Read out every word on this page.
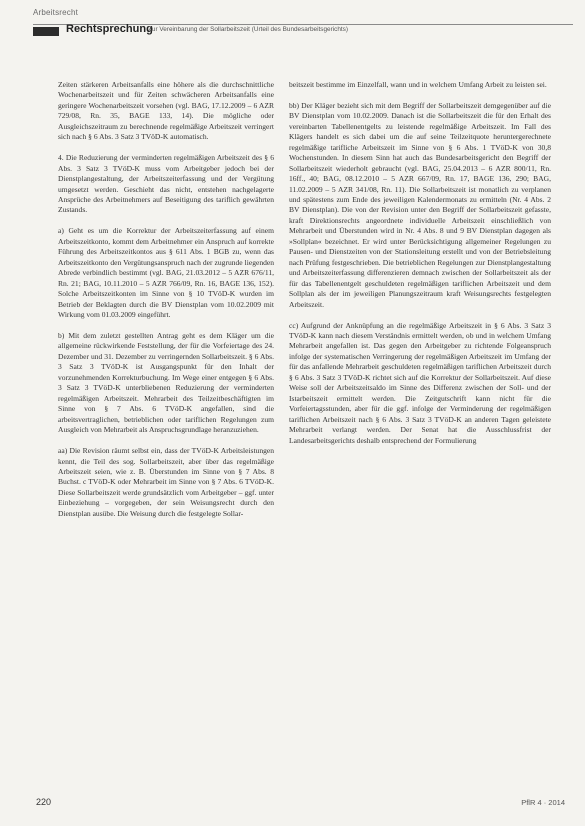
Arbeitsrecht
Rechtsprechung
Zur Vereinbarung der Sollarbeitszeit (Urteil des Bundesarbeitsgerichts)

Zeiten stärkeren Arbeitsanfalls eine höhere als die durchschnittliche Wochenarbeitszeit und für Zeiten schwächeren Arbeitsanfalls eine geringere Wochenarbeitszeit vorsehen (vgl. BAG, 17.12.2009 – 6 AZR 729/08, Rn. 35, BAGE 133, 14). Die mögliche oder Ausgleichszeitraum zu berechnende regelmäßige Arbeitszeit verringert sich nach § 6 Abs. 3 Satz 3 TVöD-K automatisch.

4. Die Reduzierung der verminderten regelmäßigen Arbeitszeit des § 6 Abs. 3 Satz 3 TVöD-K muss vom Arbeitgeber jedoch bei der Dienstplangestaltung, der Arbeitszeiterfassung und der Vergütung umgesetzt werden. Geschieht das nicht, entstehen nachgelagerte Ansprüche des Arbeitnehmers auf Beseitigung des tariflich gewährten Zustands.

a) Geht es um die Korrektur der Arbeitszeiterfassung auf einem Arbeitszeitkonto, kommt dem Arbeitnehmer ein Anspruch auf korrekte Führung des Arbeitszeitkontos aus § 611 Abs. 1 BGB zu, wenn das Arbeitszeitkonto den Vergütungsanspruch nach der zugrunde liegenden Abrede verbindlich bestimmt (vgl. BAG, 21.03.2012 – 5 AZR 676/11, Rn. 21; BAG, 10.11.2010 – 5 AZR 766/09, Rn. 16, BAGE 136, 152). Solche Arbeitszeitkonten im Sinne von § 10 TVöD-K wurden im Betrieb der Beklagten durch die BV Dienstplan vom 10.02.2009 mit Wirkung vom 01.03.2009 eingeführt.

b) Mit dem zuletzt gestellten Antrag geht es dem Kläger um die allgemeine rückwirkende Feststellung, der für die Vorfeiertage des 24. Dezember und 31. Dezember zu verringernden Sollarbeitszeit. § 6 Abs. 3 Satz 3 TVöD-K ist Ausgangspunkt für den Inhalt der vorzunehmenden Korrekturbuchung. Im Wege einer entgegen § 6 Abs. 3 Satz 3 TVöD-K unterbliebenen Reduzierung der verminderten regelmäßigen Arbeitszeit. Mehrarbeit des Teilzeitbeschäftigten im Sinne von § 7 Abs. 6 TVöD-K angefallen, sind die arbeitsvertraglichen, betrieblichen oder tariflichen Regelungen zum Ausgleich von Mehrarbeit als Anspruchsgrundlage heranzuziehen.

aa) Die Revision räumt selbst ein, dass der TVöD-K Arbeitsleistungen kennt, die Teil des sog. Sollarbeitszeit, aber über das regelmäßige Arbeitszeit seien, wie z. B. Überstunden im Sinne von § 7 Abs. 8 Buchst. c TVöD-K oder Mehrarbeit im Sinne von § 7 Abs. 6 TVöD-K. Diese Sollarbeitszeit werde grundsätzlich vom Arbeitgeber – ggf. unter Einbeziehung – vorgegeben, der sein Weisungsrecht durch den Dienstplan ausübe. Die Weisung durch die festgelegte Sollar-

beitszeit bestimme im Einzelfall, wann und in welchem Umfang Arbeit zu leisten sei.

bb) Der Kläger bezieht sich mit dem Begriff der Sollarbeitszeit demgegenüber auf die BV Dienstplan vom 10.02.2009. Danach ist die Sollarbeitszeit die für den Erhalt des vereinbarten Tabellenentgelts zu leistende regelmäßige Arbeitszeit. Im Fall des Klägers handelt es sich dabei um die auf seine Teilzeitquote heruntergerechnete regelmäßige tarifliche Arbeitszeit im Sinne von § 6 Abs. 1 TVöD-K von 30,8 Wochenstunden. In diesem Sinn hat auch das Bundesarbeitsgericht den Begriff der Sollarbeitszeit wiederholt gebraucht (vgl. BAG, 25.04.2013 – 6 AZR 800/11, Rn. 16ff., 40; BAG, 08.12.2010 – 5 AZR 667/09, Rn. 17, BAGE 136, 290; BAG, 11.02.2009 – 5 AZR 341/08, Rn. 11). Die Sollarbeitszeit ist monatlich zu verplanen und spätestens zum Ende des jeweiligen Kalendermonats zu ermitteln (Nr. 4 Abs. 2 BV Dienstplan). Die von der Revision unter den Begriff der Sollarbeitszeit gefasste, kraft Direktionsrechts angeordnete individuelle Arbeitszeit einschließlich von Mehrarbeit und Überstunden wird in Nr. 4 Abs. 8 und 9 BV Dienstplan dagegen als »Sollplan« bezeichnet. Er wird unter Berücksichtigung allgemeiner Regelungen zu Pausen- und Dienstzeiten von der Stationsleitung erstellt und von der Betriebsleitung nach Prüfung festgeschrieben. Die betrieblichen Regelungen zur Dienstplangestaltung und Arbeitszeiterfassung differenzieren demnach zwischen der Sollarbeitszeit als der für das Tabellenentgelt geschuldeten regelmäßigen tariflichen Arbeitszeit und dem Sollplan als der im jeweiligen Planungszeitraum kraft Weisungsrechts festgelegten Arbeitszeit.

cc) Aufgrund der Anknüpfung an die regelmäßige Arbeitszeit in § 6 Abs. 3 Satz 3 TVöD-K kann nach diesem Verständnis ermittelt werden, ob und in welchem Umfang Mehrarbeit angefallen ist. Das gegen den Arbeitgeber zu richtende Folgeanspruch infolge der systematischen Verringerung der regelmäßigen Arbeitszeit im Umfang der für das anfallende Mehrarbeit geschuldeten regelmäßigen tariflichen Arbeitszeit durch § 6 Abs. 3 Satz 3 TVöD-K richtet sich auf die Korrektur der Sollarbeitszeit. Auf diese Weise soll der Arbeitszeitsaldo im Sinne des Differenz zwischen der Soll- und der Istarbeitszeit ermittelt werden. Die Zeitgutschrift kann nicht für die Vorfeiertagsstunden, aber für die ggf. infolge der Verminderung der regelmäßigen tariflichen Arbeitszeit nach § 6 Abs. 3 Satz 3 TVöD-K an anderen Tagen geleistete Mehrarbeit verlangt werden. Der Senat hat die Ausschlussfrist der Landesarbeitsgerichts deshalb entsprechend der Formulierung

220	PflR 4 · 2014
